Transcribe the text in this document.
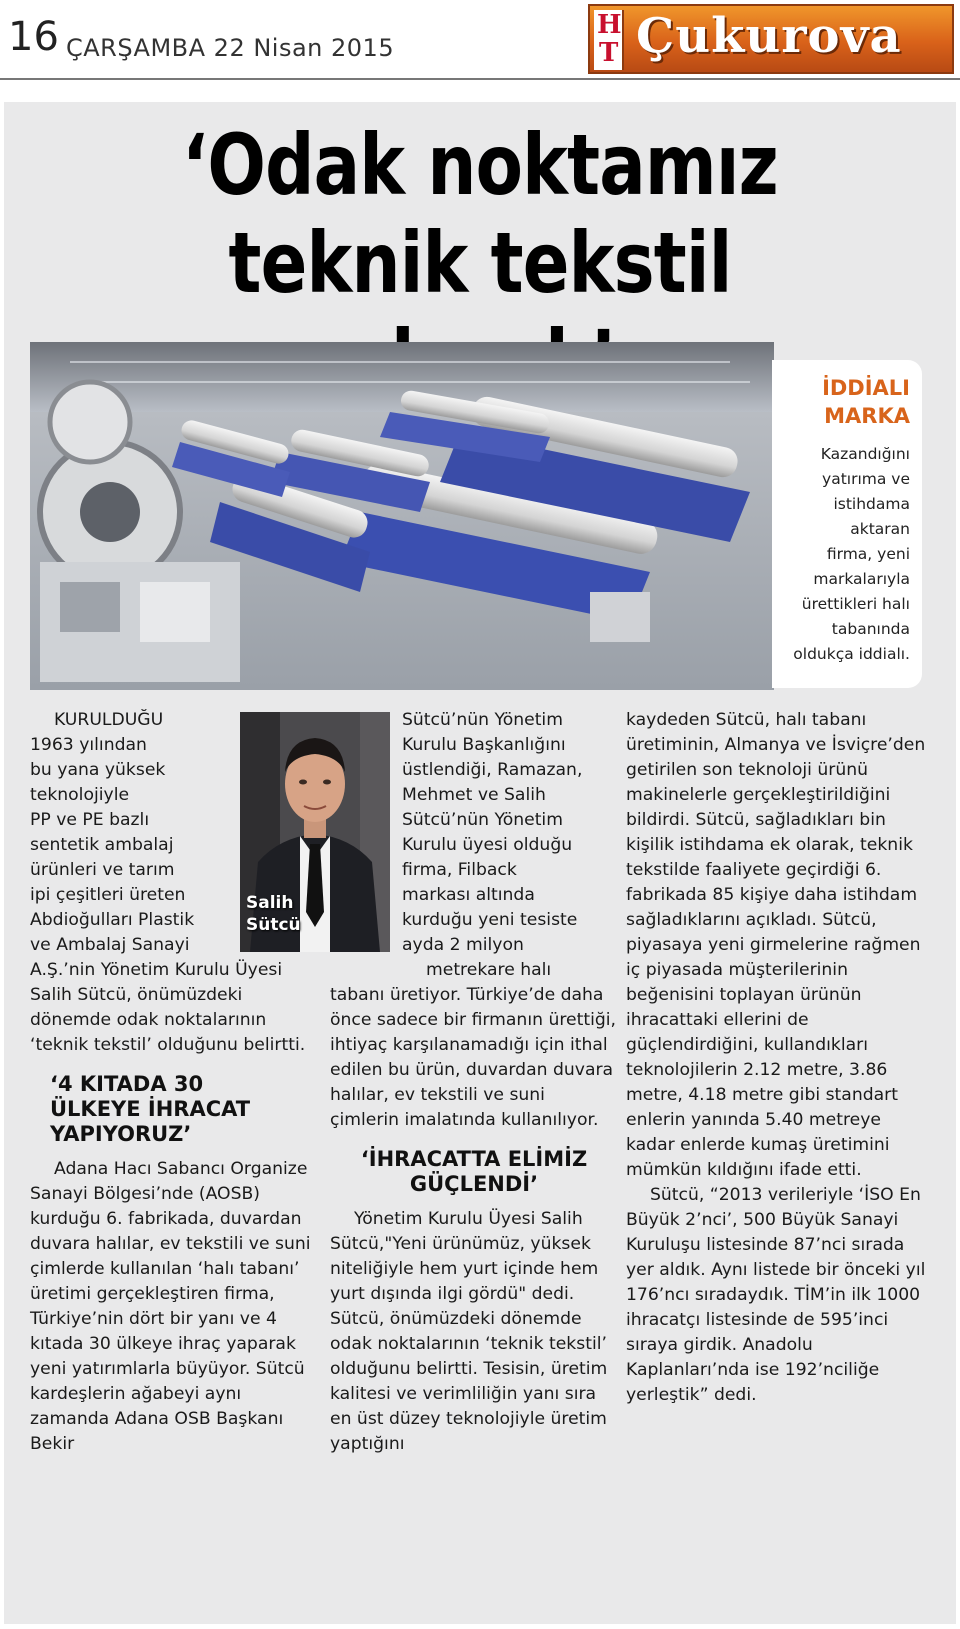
16 ÇARŞAMBA 22 Nisan 2015
H
T Çukurova
‘Odak noktamız
teknik tekstil
İDDİALI
MARKA
Kazandığını
yatırıma ve
istihdama
aktaran
firma, yeni
markalarıyla
ürettikleri halı
tabanında
oldukça iddialı.
Salih
Sütcü
KURULDUĞU
1963 yılından
bu yana yüksek
teknolojiyle
PP ve PE bazlı
sentetik ambalaj
ürünleri ve tarım
ipi çeşitleri üreten
Abdioğulları Plastik
ve Ambalaj Sanayi
A.Ş.’nin Yönetim Kurulu Üyesi Salih Sütcü, önümüzdeki dönemde odak noktalarının ‘teknik tekstil’ olduğunu belirtti.
‘4 KITADA 30
ÜLKEYE İHRACAT
YAPIYORUZ’

Adana Hacı Sabancı Organize Sanayi Bölgesi’nde (AOSB) kurduğu 6. fabrikada, duvardan duvara halılar, ev tekstili ve suni çimlerde kullanılan ‘halı tabanı’ üretimi gerçekleştiren firma, Türkiye’nin dört bir yanı ve 4 kıtada 30 ülkeye ihraç yaparak yeni yatırımlarla büyüyor. Sütcü kardeşlerin ağabeyi aynı zamanda Adana OSB Başkanı Bekir

Sütcü’nün Yönetim
Kurulu Başkanlığını
üstlendiği, Ramazan,
Mehmet ve Salih
Sütcü’nün Yönetim
Kurulu üyesi olduğu
firma, Filback
markası altında
kurduğu yeni tesiste
ayda 2 milyon
metrekare halı
tabanı üretiyor. Türkiye’de daha önce sadece bir firmanın ürettiği, ihtiyaç karşılanamadığı için ithal edilen bu ürün, duvardan duvara halılar, ev tekstili ve suni çimlerin imalatında kullanılıyor.
‘İHRACATTA ELİMİZ
GÜÇLENDİ’

Yönetim Kurulu Üyesi Salih Sütcü,"Yeni ürünümüz, yüksek niteliğiyle hem yurt içinde hem yurt dışında ilgi gördü" dedi. Sütcü, önümüzdeki dönemde odak noktalarının ‘teknik tekstil’ olduğunu belirtti. Tesisin, üretim kalitesi ve verimliliğin yanı sıra en üst düzey teknolojiyle üretim yaptığını

kaydeden Sütcü, halı tabanı üretiminin, Almanya ve İsviçre’den getirilen son teknoloji ürünü makinelerle gerçekleştirildiğini bildirdi. Sütcü, sağladıkları bin kişilik istihdama ek olarak, teknik tekstilde faaliyete geçirdiği 6. fabrikada 85 kişiye daha istihdam sağladıklarını açıkladı. Sütcü, piyasaya yeni girmelerine rağmen iç piyasada müşterilerinin beğenisini toplayan ürünün ihracattaki ellerini de güçlendirdiğini, kullandıkları teknolojilerin 2.12 metre, 3.86 metre, 4.18 metre gibi standart enlerin yanında 5.40 metreye kadar enlerde kumaş üretimini mümkün kıldığını ifade etti.

Sütcü, “2013 verileriyle ‘İSO En Büyük 2’nci’, 500 Büyük Sanayi Kuruluşu listesinde 87’nci sırada yer aldık. Aynı listede bir önceki yıl 176’ncı sıradaydık. TİM’in ilk 1000 ihracatçı listesinde de 595’inci sıraya girdik. Anadolu Kaplanları’nda ise 192’nciliğe yerleştik” dedi.
